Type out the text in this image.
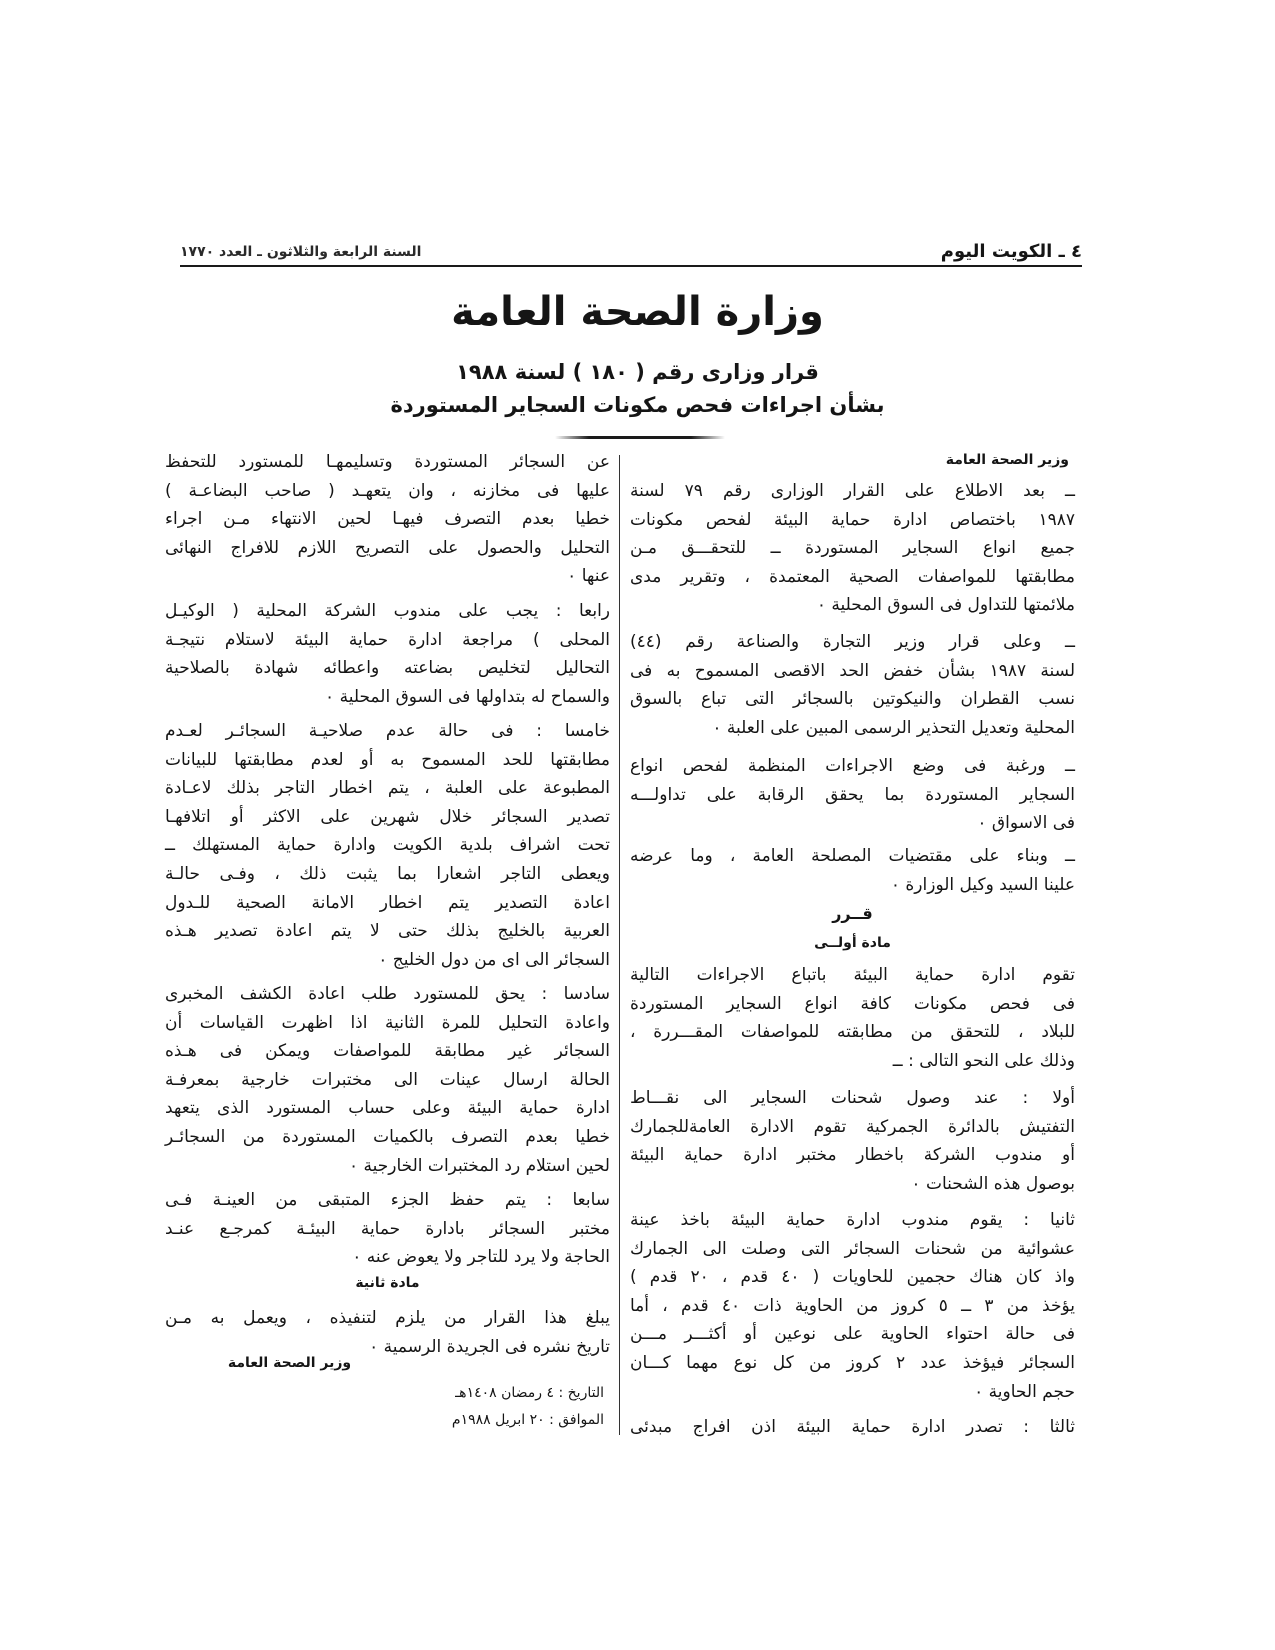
٤ ـ الكويت اليوم
السنة الرابعة والثلاثون ـ العدد ١٧٧٠
وزارة الصحة العامة
قرار وزارى رقم ( ١٨٠ ) لسنة ١٩٨٨
بشأن اجراءات فحص مكونات السجاير المستوردة
وزير الصحة العامة
ــ بعد الاطلاع على القرار الوزارى رقم ٧٩ لسنة
١٩٨٧ باختصاص ادارة حماية البيئة لفحص مكونات
جميع انواع السجاير المستوردة ــ للتحقـــق مـن
مطابقتها للمواصفات الصحية المعتمدة ، وتقرير مدى
ملائمتها للتداول فى السوق المحلية ٠
ــ وعلى قرار وزير التجارة والصناعة رقم (٤٤)
لسنة ١٩٨٧ بشأن خفض الحد الاقصى المسموح به فى
نسب القطران والنيكوتين بالسجائر التى تباع بالسوق
المحلية وتعديل التحذير الرسمى المبين على العلبة ٠
ــ ورغبة فى وضع الاجراءات المنظمة لفحص انواع
السجاير المستوردة بما يحقق الرقابة على تداولـــه
فى الاسواق ٠
ــ وبناء على مقتضيات المصلحة العامة ، وما عرضه
علينا السيد وكيل الوزارة ٠
قــرر
مادة أولــى
تقوم ادارة حماية البيئة باتباع الاجراءات التالية
فى فحص مكونات كافة انواع السجاير المستوردة
للبلاد ، للتحقق من مطابقته للمواصفات المقـــررة ،
وذلك على النحو التالى : ــ
أولا : عند وصول شحنات السجاير الى نقـــاط
التفتيش بالدائرة الجمركية تقوم الادارة العامةللجمارك
أو مندوب الشركة باخطار مختبر ادارة حماية البيئة
بوصول هذه الشحنات ٠
ثانيا : يقوم مندوب ادارة حماية البيئة باخذ عينة
عشوائية من شحنات السجائر التى وصلت الى الجمارك
واذ كان هناك حجمين للحاويات ( ٤٠ قدم ، ٢٠ قدم )
يؤخذ من ٣ ــ ٥ كروز من الحاوية ذات ٤٠ قدم ، أما
فى حالة احتواء الحاوية على نوعين أو أكثـــر مـــن
السجائر فيؤخذ عدد ٢ كروز من كل نوع مهما كـــان
حجم الحاوية ٠
ثالثا : تصدر ادارة حماية البيئة اذن افراج مبدئى
عن السجائر المستوردة وتسليمهـا للمستورد للتحفظ
عليها فى مخازنه ، وان يتعهـد ( صاحب البضاعـة )
خطيا بعدم التصرف فيهـا لحين الانتهاء مـن اجراء
التحليل والحصول على التصريح اللازم للافراج النهائى
عنها ٠
رابعا : يجب على مندوب الشركة المحلية ( الوكيـل
المحلى ) مراجعة ادارة حماية البيئة لاستلام نتيجـة
التحاليل لتخليص بضاعته واعطائه شهادة بالصلاحية
والسماح له بتداولها فى السوق المحلية ٠
خامسا : فى حالة عدم صلاحيـة السجائـر لعـدم
مطابقتها للحد المسموح به أو لعدم مطابقتها للبيانات
المطبوعة على العلبة ، يتم اخطار التاجر بذلك لاعـادة
تصدير السجائر خلال شهرين على الاكثر أو اتلافهـا
تحت اشراف بلدية الكويت وادارة حماية المستهلك ــ
ويعطى التاجر اشعارا بما يثبت ذلك ، وفـى حالـة
اعادة التصدير يتم اخطار الامانة الصحية للـدول
العربية بالخليج بذلك حتى لا يتم اعادة تصدير هـذه
السجائر الى اى من دول الخليج ٠
سادسا : يحق للمستورد طلب اعادة الكشف المخبرى
واعادة التحليل للمرة الثانية اذا اظهرت القياسات أن
السجائر غير مطابقة للمواصفات ويمكن فى هـذه
الحالة ارسال عينات الى مختبرات خارجية بمعرفـة
ادارة حماية البيئة وعلى حساب المستورد الذى يتعهد
خطيا بعدم التصرف بالكميات المستوردة من السجائـر
لحين استلام رد المختبرات الخارجية ٠
سابعا : يتم حفظ الجزء المتبقى من العينـة فـى
مختبر السجائر بادارة حماية البيئـة كمرجـع عنـد
الحاجة ولا يرد للتاجر ولا يعوض عنه ٠
مادة ثانية
يبلغ هذا القرار من يلزم لتنفيذه ، ويعمل به مـن
تاريخ نشره فى الجريدة الرسمية ٠
وزير الصحة العامة
التاريخ : ٤ رمضان ١٤٠٨هـ
الموافق : ٢٠ ابريل ١٩٨٨م
